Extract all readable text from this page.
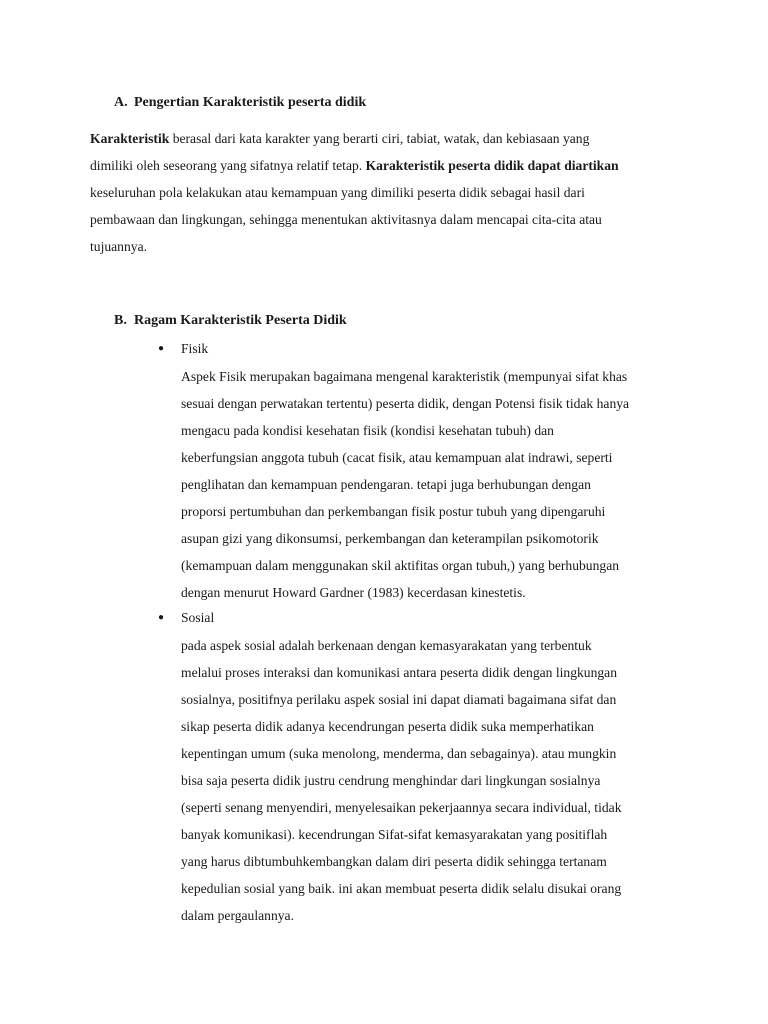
A. Pengertian Karakteristik peserta didik
Karakteristik berasal dari kata karakter yang berarti ciri, tabiat, watak, dan kebiasaan yang
dimiliki oleh seseorang yang sifatnya relatif tetap. Karakteristik peserta didik dapat diartikan
keseluruhan pola kelakukan atau kemampuan yang dimiliki peserta didik sebagai hasil dari
pembawaan dan lingkungan, sehingga menentukan aktivitasnya dalam mencapai cita-cita atau
tujuannya.
B. Ragam Karakteristik Peserta Didik
●	Fisik
Aspek Fisik merupakan bagaimana mengenal karakteristik (mempunyai sifat khas
sesuai dengan perwatakan tertentu) peserta didik, dengan Potensi fisik tidak hanya
mengacu pada kondisi kesehatan fisik (kondisi kesehatan tubuh) dan
keberfungsian anggota tubuh (cacat fisik, atau kemampuan alat indrawi, seperti
penglihatan dan kemampuan pendengaran. tetapi juga berhubungan dengan
proporsi pertumbuhan dan perkembangan fisik postur tubuh yang dipengaruhi
asupan gizi yang dikonsumsi, perkembangan dan keterampilan psikomotorik
(kemampuan dalam menggunakan skil aktifitas organ tubuh,) yang berhubungan
dengan menurut Howard Gardner (1983) kecerdasan kinestetis.
●	Sosial
pada aspek sosial adalah berkenaan dengan kemasyarakatan yang terbentuk
melalui proses interaksi dan komunikasi antara peserta didik dengan lingkungan
sosialnya, positifnya perilaku aspek sosial ini dapat diamati bagaimana sifat dan
sikap peserta didik adanya kecendrungan peserta didik suka memperhatikan
kepentingan umum (suka menolong, menderma, dan sebagainya). atau mungkin
bisa saja peserta didik justru cendrung menghindar dari lingkungan sosialnya
(seperti senang menyendiri, menyelesaikan pekerjaannya secara individual, tidak
banyak komunikasi). kecendrungan Sifat-sifat kemasyarakatan yang positiflah
yang harus dibtumbuhkembangkan dalam diri peserta didik sehingga tertanam
kepedulian sosial yang baik. ini akan membuat peserta didik selalu disukai orang
dalam pergaulannya.
